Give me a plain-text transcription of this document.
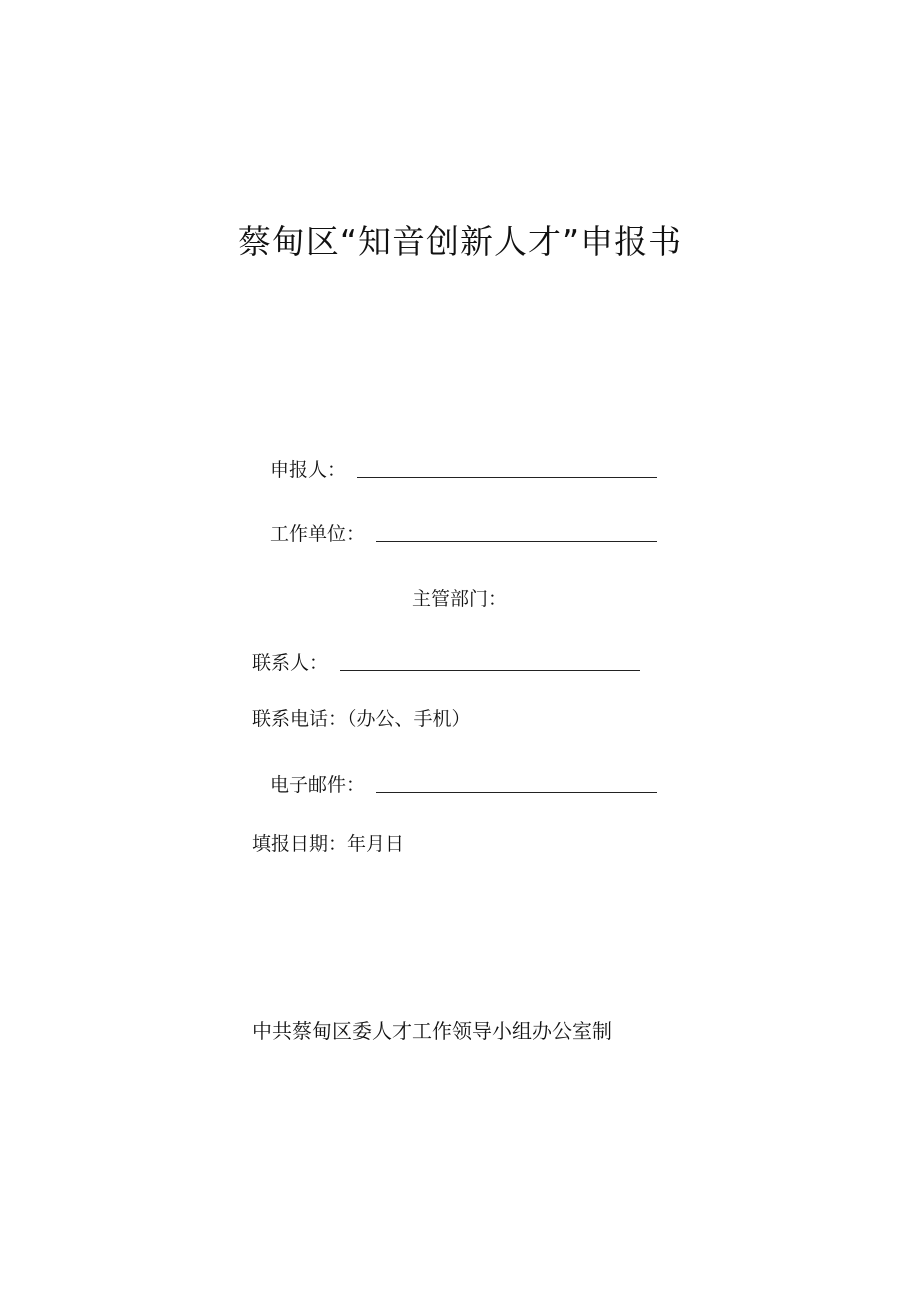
蔡甸区“知音创新人才”申报书
申报人：
工作单位：
主管部门：
联系人：
联系电话：（办公、手机）
电子邮件：
填报日期：年月日
中共蔡甸区委人才工作领导小组办公室制
